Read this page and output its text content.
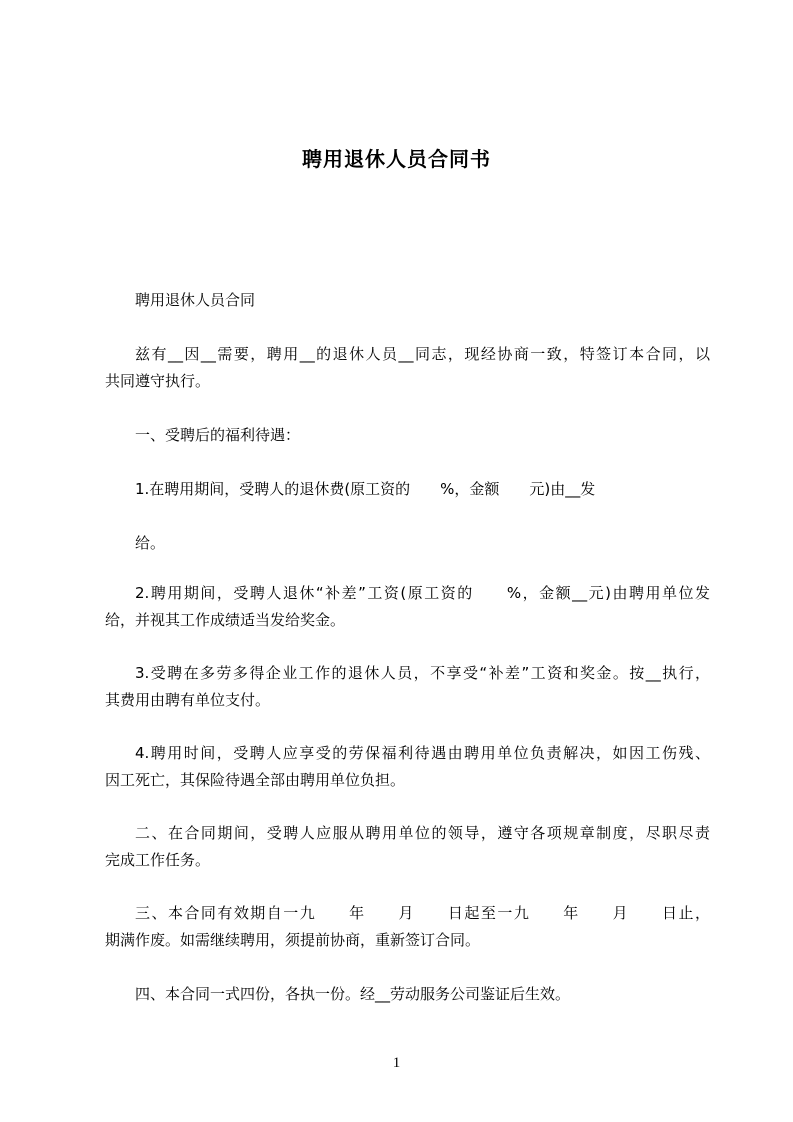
聘用退休人员合同书
聘用退休人员合同
兹有__因__需要，聘用__的退休人员__同志，现经协商一致，特签订本合同，以
共同遵守执行。
一、受聘后的福利待遇：
1.在聘用期间，受聘人的退休费(原工资的　　%，金额　　元)由__发
给。
2.聘用期间，受聘人退休“补差”工资(原工资的　　%，金额__元)由聘用单位发
给，并视其工作成绩适当发给奖金。
3.受聘在多劳多得企业工作的退休人员，不享受“补差”工资和奖金。按__执行，
其费用由聘有单位支付。
4.聘用时间，受聘人应享受的劳保福利待遇由聘用单位负责解决，如因工伤残、
因工死亡，其保险待遇全部由聘用单位负担。
二、在合同期间，受聘人应服从聘用单位的领导，遵守各项规章制度，尽职尽责
完成工作任务。
三、本合同有效期自一九　　年　　月　　日起至一九　　年　　月　　日止，
期满作废。如需继续聘用，须提前协商，重新签订合同。
四、本合同一式四份，各执一份。经__劳动服务公司鉴证后生效。
1
